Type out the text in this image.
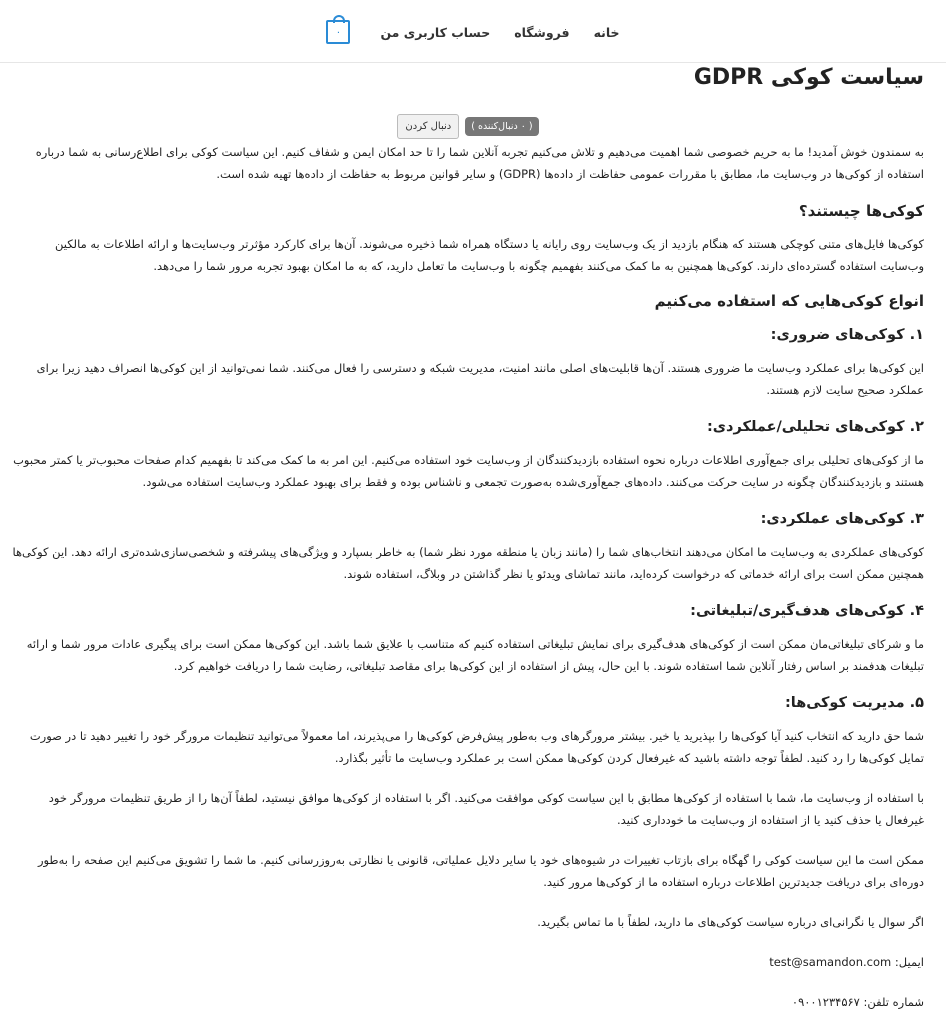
خانه
فروشگاه
حساب کاربری من
۰
سیاست کوکی GDPR
( ۰ دنبال‌کننده )
دنبال کردن

به سمندون خوش آمدید! ما به حریم خصوصی شما اهمیت می‌دهیم و تلاش می‌کنیم تجربه آنلاین شما را تا حد امکان ایمن و شفاف کنیم. این سیاست کوکی برای اطلاع‌رسانی به شما درباره استفاده از کوکی‌ها در وب‌سایت ما، مطابق با مقررات عمومی حفاظت از داده‌ها (GDPR) و سایر قوانین مربوط به حفاظت از داده‌ها تهیه شده است.

کوکی‌ها چیستند؟

کوکی‌ها فایل‌های متنی کوچکی هستند که هنگام بازدید از یک وب‌سایت روی رایانه یا دستگاه همراه شما ذخیره می‌شوند. آن‌ها برای کارکرد مؤثرتر وب‌سایت‌ها و ارائه اطلاعات به مالکین وب‌سایت استفاده گسترده‌ای دارند. کوکی‌ها همچنین به ما کمک می‌کنند بفهمیم چگونه با وب‌سایت ما تعامل دارید، که به ما امکان بهبود تجربه مرور شما را می‌دهد.

انواع کوکی‌هایی که استفاده می‌کنیم
۱. کوکی‌های ضروری:

این کوکی‌ها برای عملکرد وب‌سایت ما ضروری هستند. آن‌ها قابلیت‌های اصلی مانند امنیت، مدیریت شبکه و دسترسی را فعال می‌کنند. شما نمی‌توانید از این کوکی‌ها انصراف دهید زیرا برای عملکرد صحیح سایت لازم هستند.

۲. کوکی‌های تحلیلی/عملکردی:

ما از کوکی‌های تحلیلی برای جمع‌آوری اطلاعات درباره نحوه استفاده بازدیدکنندگان از وب‌سایت خود استفاده می‌کنیم. این امر به ما کمک می‌کند تا بفهمیم کدام صفحات محبوب‌تر یا کمتر محبوب هستند و بازدیدکنندگان چگونه در سایت حرکت می‌کنند. داده‌های جمع‌آوری‌شده به‌صورت تجمعی و ناشناس بوده و فقط برای بهبود عملکرد وب‌سایت استفاده می‌شود.

۳. کوکی‌های عملکردی:

کوکی‌های عملکردی به وب‌سایت ما امکان می‌دهند انتخاب‌های شما را (مانند زبان یا منطقه مورد نظر شما) به خاطر بسپارد و ویژگی‌های پیشرفته و شخصی‌سازی‌شده‌تری ارائه دهد. این کوکی‌ها همچنین ممکن است برای ارائه خدماتی که درخواست کرده‌اید، مانند تماشای ویدئو یا نظر گذاشتن در وبلاگ، استفاده شوند.

۴. کوکی‌های هدف‌گیری/تبلیغاتی:

ما و شرکای تبلیغاتی‌مان ممکن است از کوکی‌های هدف‌گیری برای نمایش تبلیغاتی استفاده کنیم که متناسب با علایق شما باشد. این کوکی‌ها ممکن است برای پیگیری عادات مرور شما و ارائه تبلیغات هدفمند بر اساس رفتار آنلاین شما استفاده شوند. با این حال، پیش از استفاده از این کوکی‌ها برای مقاصد تبلیغاتی، رضایت شما را دریافت خواهیم کرد.

۵. مدیریت کوکی‌ها:

شما حق دارید که انتخاب کنید آیا کوکی‌ها را بپذیرید یا خیر. بیشتر مرورگرهای وب به‌طور پیش‌فرض کوکی‌ها را می‌پذیرند، اما معمولاً می‌توانید تنظیمات مرورگر خود را تغییر دهید تا در صورت تمایل کوکی‌ها را رد کنید. لطفاً توجه داشته باشید که غیرفعال کردن کوکی‌ها ممکن است بر عملکرد وب‌سایت ما تأثیر بگذارد.

با استفاده از وب‌سایت ما، شما با استفاده از کوکی‌ها مطابق با این سیاست کوکی موافقت می‌کنید. اگر با استفاده از کوکی‌ها موافق نیستید، لطفاً آن‌ها را از طریق تنظیمات مرورگر خود غیرفعال یا حذف کنید یا از استفاده از وب‌سایت ما خودداری کنید.

ممکن است ما این سیاست کوکی را گهگاه برای بازتاب تغییرات در شیوه‌های خود یا سایر دلایل عملیاتی، قانونی یا نظارتی به‌روزرسانی کنیم. ما شما را تشویق می‌کنیم این صفحه را به‌طور دوره‌ای برای دریافت جدیدترین اطلاعات درباره استفاده ما از کوکی‌ها مرور کنید.

اگر سوال یا نگرانی‌ای درباره سیاست کوکی‌های ما دارید، لطفاً با ما تماس بگیرید.

ایمیل: test@samandon.com

شماره تلفن: ۰۹۰۰۱۲۳۴۵۶۷
